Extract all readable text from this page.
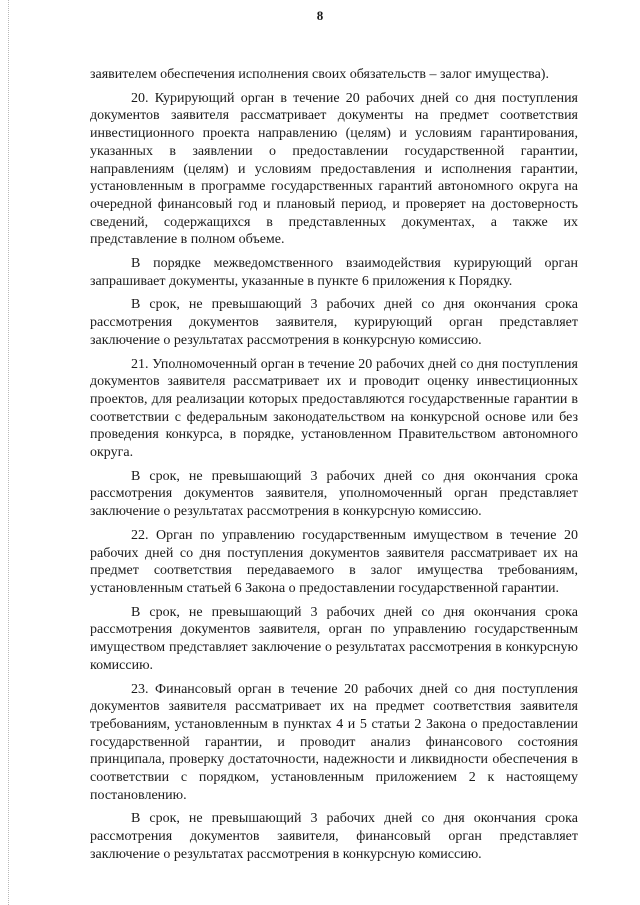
8

заявителем обеспечения исполнения своих обязательств – залог имущества).

20. Курирующий орган в течение 20 рабочих дней со дня поступления документов заявителя рассматривает документы на предмет соответствия инвестиционного проекта направлению (целям) и условиям гарантирования, указанных в заявлении о предоставлении государственной гарантии, направлениям (целям) и условиям предоставления и исполнения гарантии, установленным в программе государственных гарантий автономного округа на очередной финансовый год и плановый период, и проверяет на достоверность сведений, содержащихся в представленных документах, а также их представление в полном объеме.

В порядке межведомственного взаимодействия курирующий орган запрашивает документы, указанные в пункте 6 приложения к Порядку.

В срок, не превышающий 3 рабочих дней со дня окончания срока рассмотрения документов заявителя, курирующий орган представляет заключение о результатах рассмотрения в конкурсную комиссию.

21. Уполномоченный орган в течение 20 рабочих дней со дня поступления документов заявителя рассматривает их и проводит оценку инвестиционных проектов, для реализации которых предоставляются государственные гарантии в соответствии с федеральным законодательством на конкурсной основе или без проведения конкурса, в порядке, установленном Правительством автономного округа.

В срок, не превышающий 3 рабочих дней со дня окончания срока рассмотрения документов заявителя, уполномоченный орган представляет заключение о результатах рассмотрения в конкурсную комиссию.

22. Орган по управлению государственным имуществом в течение 20 рабочих дней со дня поступления документов заявителя рассматривает их на предмет соответствия передаваемого в залог имущества требованиям, установленным статьей 6 Закона о предоставлении государственной гарантии.

В срок, не превышающий 3 рабочих дней со дня окончания срока рассмотрения документов заявителя, орган по управлению государственным имуществом представляет заключение о результатах рассмотрения в конкурсную комиссию.

23. Финансовый орган в течение 20 рабочих дней со дня поступления документов заявителя рассматривает их на предмет соответствия заявителя требованиям, установленным в пунктах 4 и 5 статьи 2 Закона о предоставлении государственной гарантии, и проводит анализ финансового состояния принципала, проверку достаточности, надежности и ликвидности обеспечения в соответствии с порядком, установленным приложением 2 к настоящему постановлению.

В срок, не превышающий 3 рабочих дней со дня окончания срока рассмотрения документов заявителя, финансовый орган представляет заключение о результатах рассмотрения в конкурсную комиссию.
